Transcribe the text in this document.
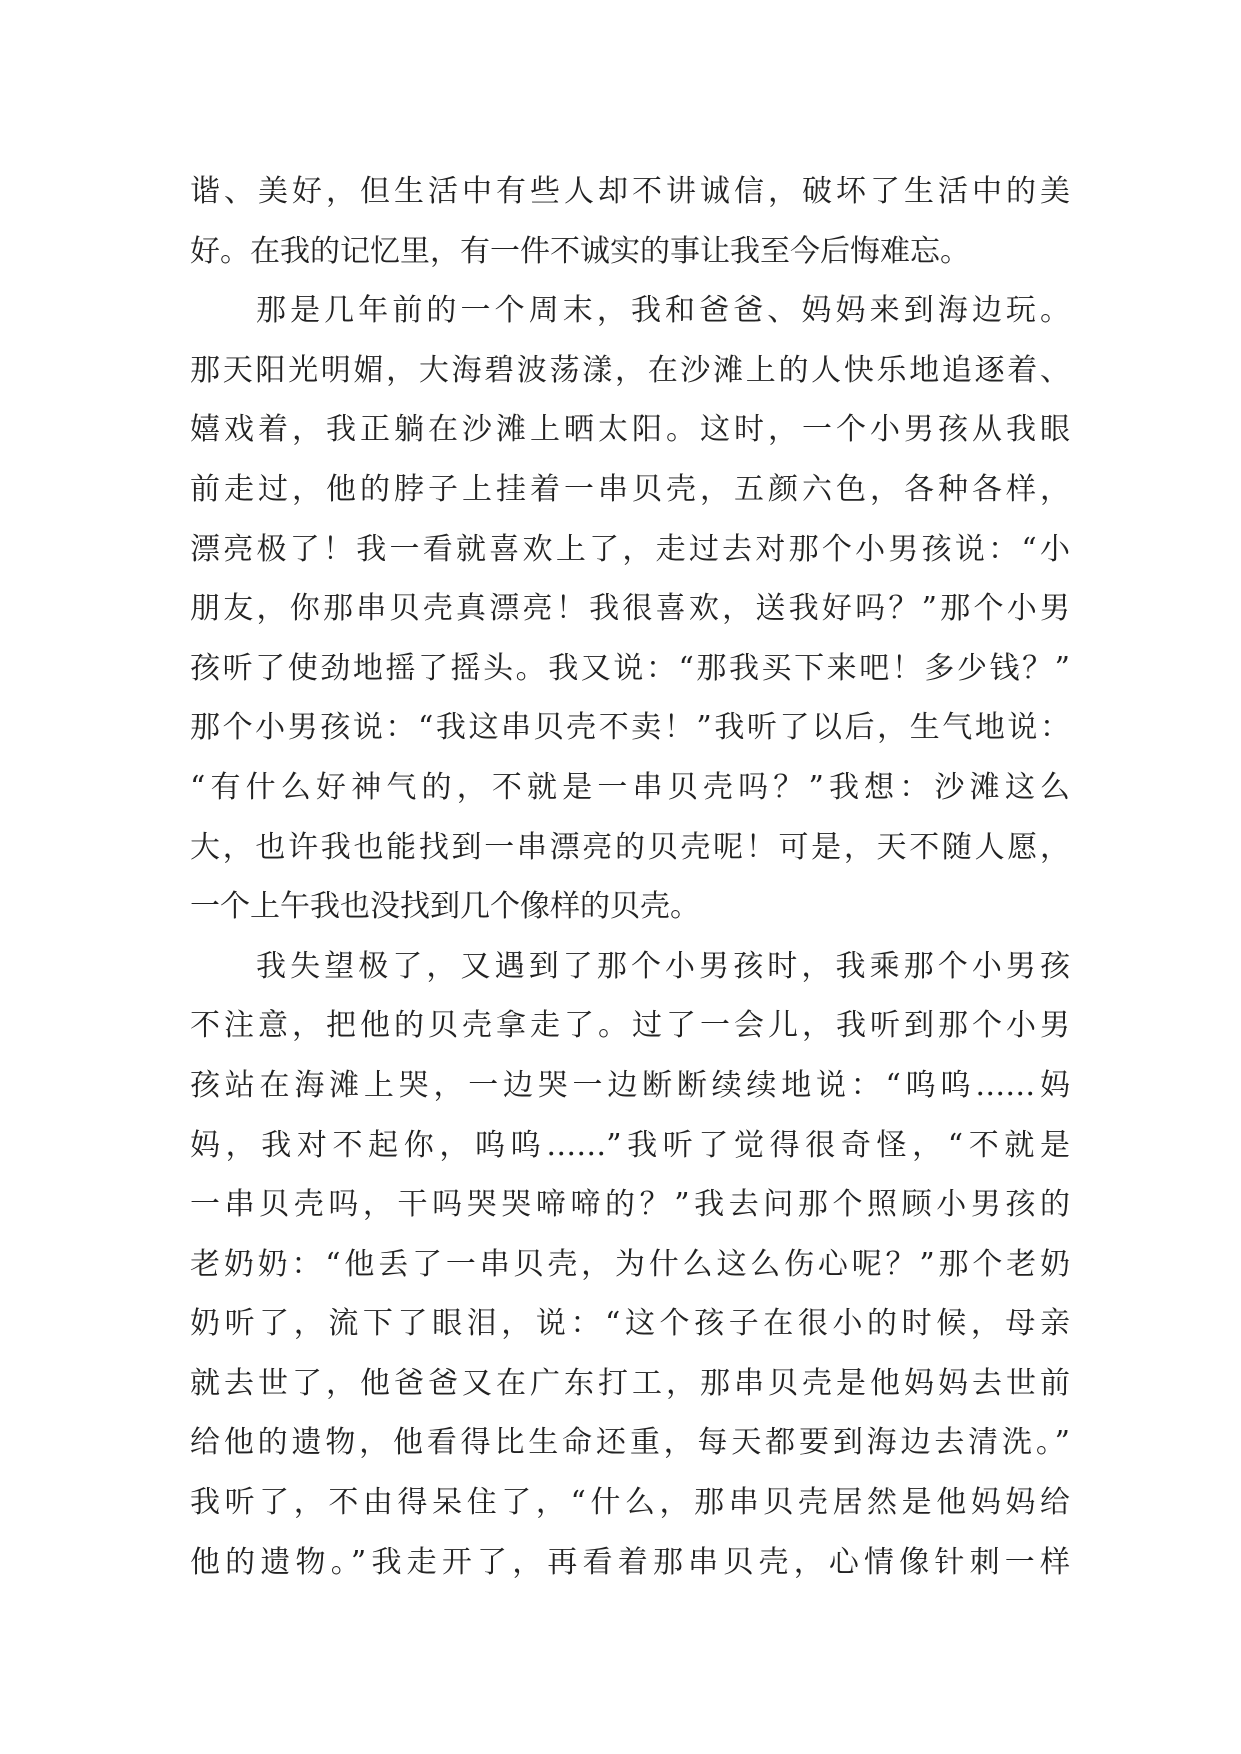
谐、美好，但生活中有些人却不讲诚信，破坏了生活中的美
好。在我的记忆里，有一件不诚实的事让我至今后悔难忘。
那是几年前的一个周末，我和爸爸、妈妈来到海边玩。
那天阳光明媚，大海碧波荡漾，在沙滩上的人快乐地追逐着、
嬉戏着，我正躺在沙滩上晒太阳。这时，一个小男孩从我眼
前走过，他的脖子上挂着一串贝壳，五颜六色，各种各样，
漂亮极了！我一看就喜欢上了，走过去对那个小男孩说：“小
朋友，你那串贝壳真漂亮！我很喜欢，送我好吗？”那个小男
孩听了使劲地摇了摇头。我又说：“那我买下来吧！多少钱？”
那个小男孩说：“我这串贝壳不卖！”我听了以后，生气地说：
“有什么好神气的，不就是一串贝壳吗？”我想：沙滩这么
大，也许我也能找到一串漂亮的贝壳呢！可是，天不随人愿，
一个上午我也没找到几个像样的贝壳。
我失望极了，又遇到了那个小男孩时，我乘那个小男孩
不注意，把他的贝壳拿走了。过了一会儿，我听到那个小男
孩站在海滩上哭，一边哭一边断断续续地说：“呜呜……妈
妈，我对不起你，呜呜……”我听了觉得很奇怪，“不就是
一串贝壳吗，干吗哭哭啼啼的？”我去问那个照顾小男孩的
老奶奶：“他丢了一串贝壳，为什么这么伤心呢？”那个老奶
奶听了，流下了眼泪，说：“这个孩子在很小的时候，母亲
就去世了，他爸爸又在广东打工，那串贝壳是他妈妈去世前
给他的遗物，他看得比生命还重，每天都要到海边去清洗。”
我听了，不由得呆住了，“什么，那串贝壳居然是他妈妈给
他的遗物。”我走开了，再看着那串贝壳，心情像针刺一样
